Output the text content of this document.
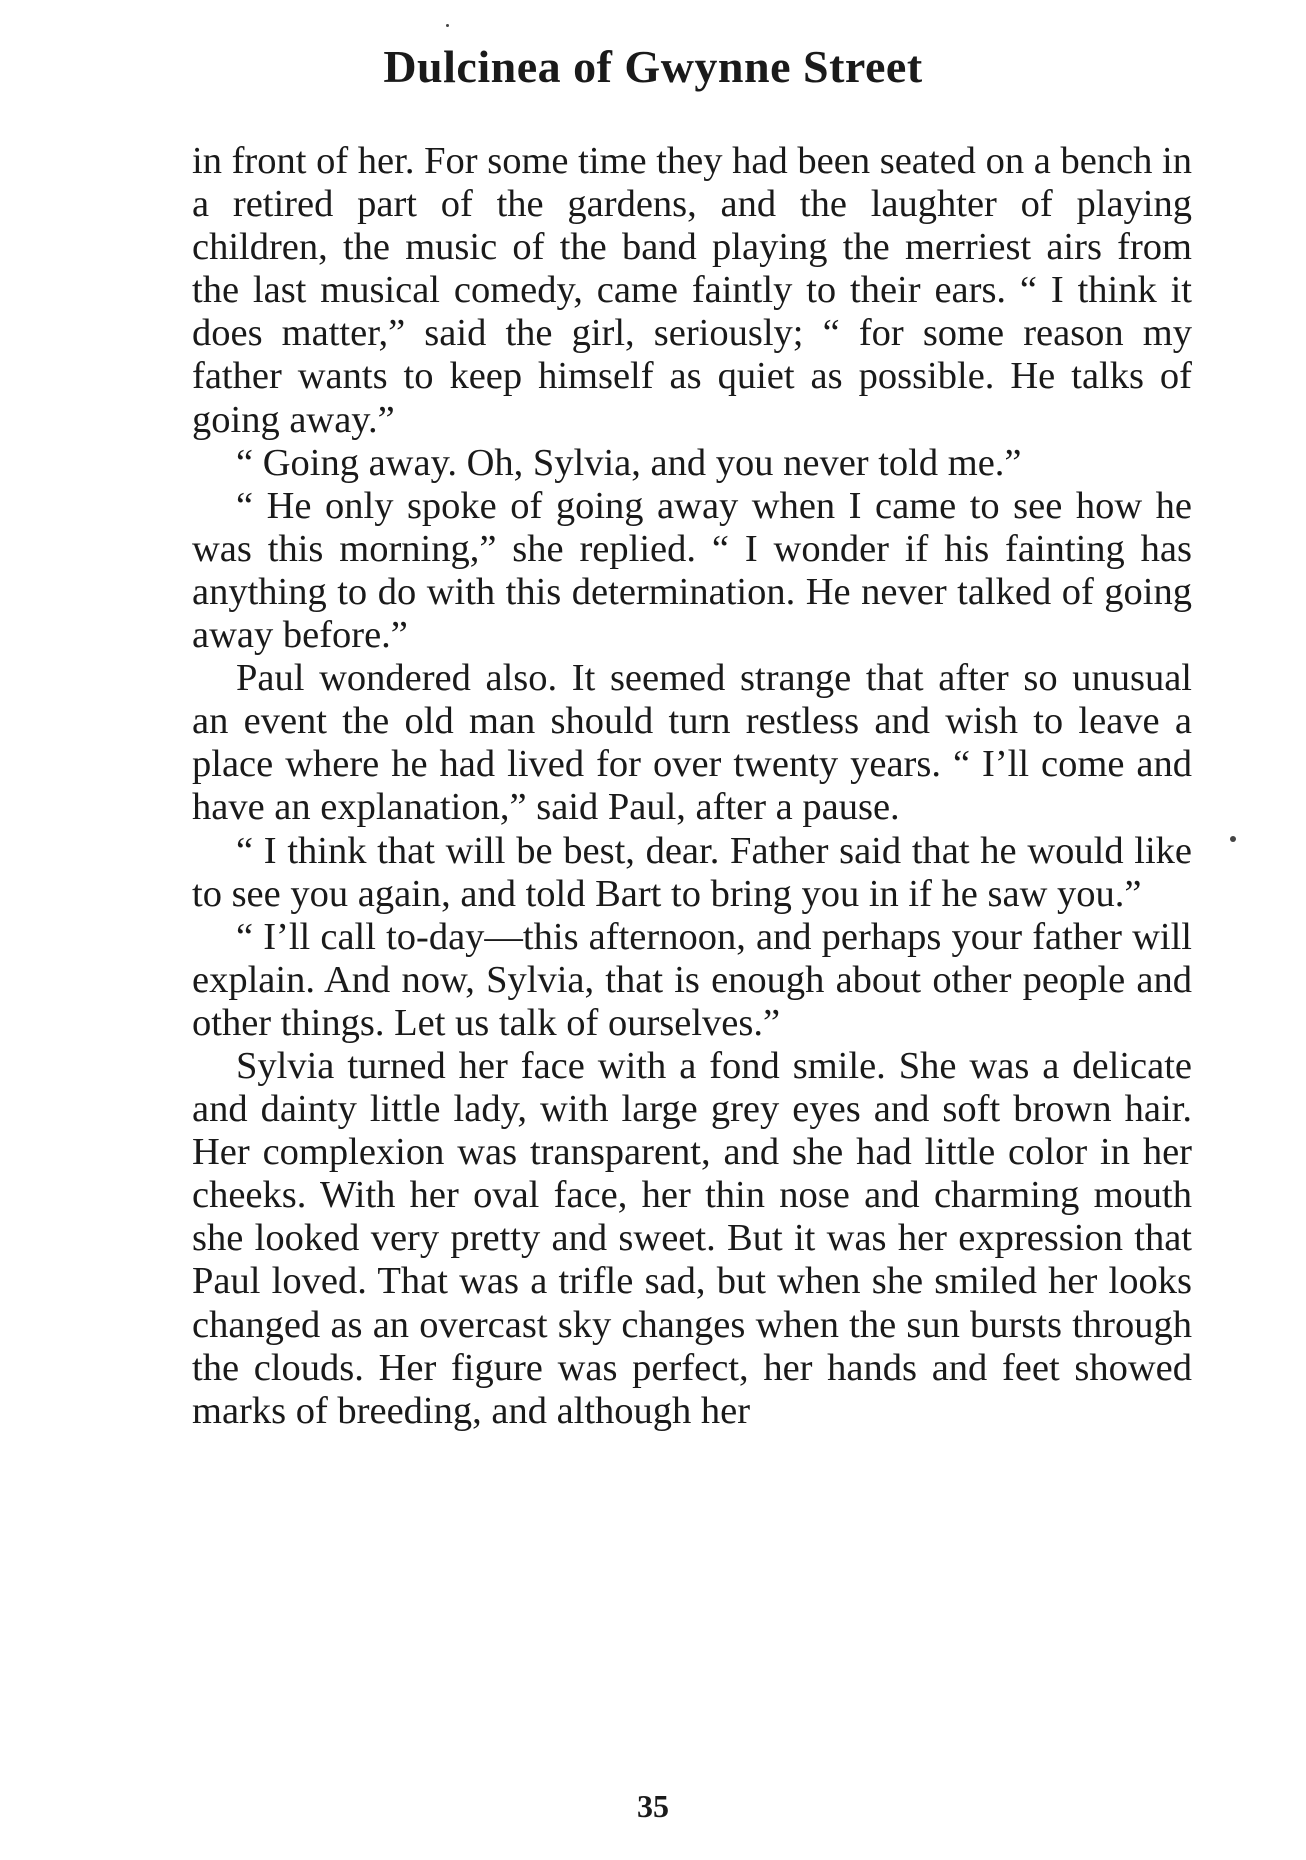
Dulcinea of Gwynne Street

in front of her. For some time they had been seated on a bench in a retired part of the gardens, and the laughter of playing children, the music of the band playing the merriest airs from the last musical comedy, came faintly to their ears. “ I think it does matter,” said the girl, seriously; “ for some reason my father wants to keep himself as quiet as possible. He talks of going away.”

“ Going away. Oh, Sylvia, and you never told me.”

“ He only spoke of going away when I came to see how he was this morning,” she replied. “ I wonder if his fainting has anything to do with this determination. He never talked of going away before.”

Paul wondered also. It seemed strange that after so unusual an event the old man should turn restless and wish to leave a place where he had lived for over twenty years. “ I’ll come and have an explanation,” said Paul, after a pause.

“ I think that will be best, dear. Father said that he would like to see you again, and told Bart to bring you in if he saw you.”

“ I’ll call to-day—this afternoon, and perhaps your father will explain. And now, Sylvia, that is enough about other people and other things. Let us talk of ourselves.”

Sylvia turned her face with a fond smile. She was a delicate and dainty little lady, with large grey eyes and soft brown hair. Her complexion was transparent, and she had little color in her cheeks. With her oval face, her thin nose and charming mouth she looked very pretty and sweet. But it was her expression that Paul loved. That was a trifle sad, but when she smiled her looks changed as an overcast sky changes when the sun bursts through the clouds. Her figure was perfect, her hands and feet showed marks of breeding, and although her

35
